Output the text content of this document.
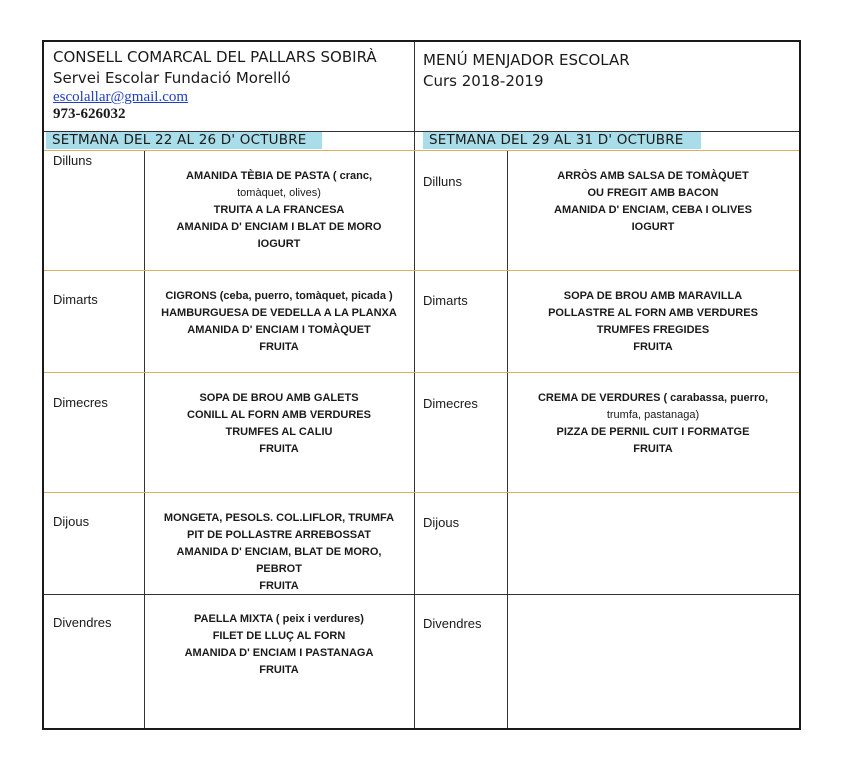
CONSELL COMARCAL DEL PALLARS SOBIRÀ
Servei Escolar Fundació Morelló
escolallar@gmail.com
973-626032
MENÚ MENJADOR ESCOLAR
Curs 2018-2019
SETMANA DEL 22 AL 26 D' OCTUBRE	SETMANA DEL 29 AL 31 D' OCTUBRE
Dilluns
Dimarts
Dimecres
Dijous
Divendres
AMANIDA TÈBIA DE PASTA ( cranc,
tomàquet, olives)
TRUITA A LA FRANCESA
AMANIDA D' ENCIAM I BLAT DE MORO
IOGURT
CIGRONS (ceba, puerro, tomàquet, picada )
HAMBURGUESA DE VEDELLA A LA PLANXA
AMANIDA D' ENCIAM I TOMÀQUET
FRUITA
SOPA DE BROU AMB GALETS
CONILL AL FORN AMB VERDURES
TRUMFES AL CALIU
FRUITA
MONGETA, PESOLS. COL.LIFLOR, TRUMFA
PIT DE POLLASTRE ARREBOSSAT
AMANIDA D' ENCIAM, BLAT DE MORO,
PEBROT
FRUITA
PAELLA MIXTA ( peix i verdures)
FILET DE LLUÇ AL FORN
AMANIDA D' ENCIAM I PASTANAGA
FRUITA
Dilluns
Dimarts
Dimecres
Dijous
Divendres
ARRÒS AMB SALSA DE TOMÀQUET
OU FREGIT AMB BACON
AMANIDA D' ENCIAM, CEBA I OLIVES
IOGURT
SOPA DE BROU AMB MARAVILLA
POLLASTRE AL FORN AMB VERDURES
TRUMFES FREGIDES
FRUITA
CREMA DE VERDURES ( carabassa, puerro,
trumfa, pastanaga)
PIZZA DE PERNIL CUIT I FORMATGE
FRUITA
